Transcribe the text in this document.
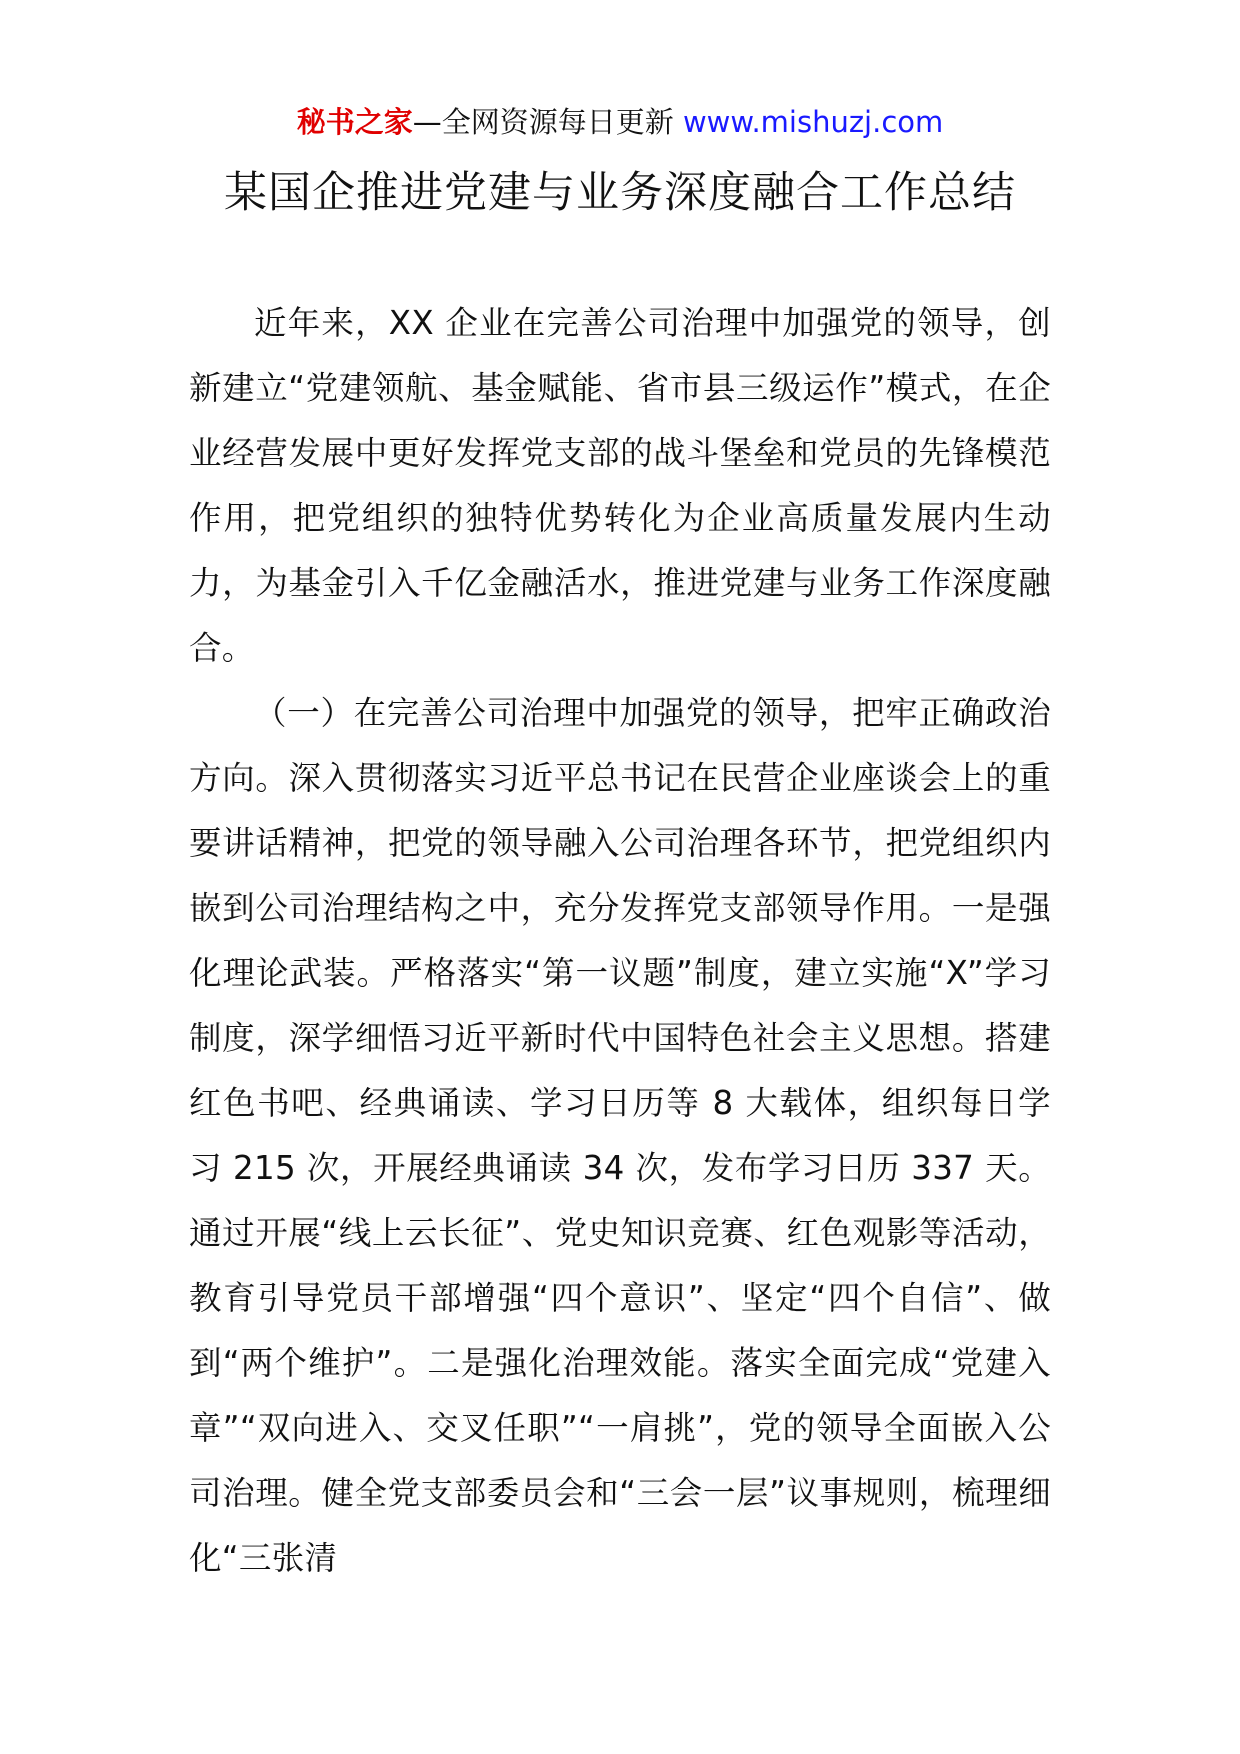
秘书之家—全网资源每日更新 www.mishuzj.com
某国企推进党建与业务深度融合工作总结

近年来，XX 企业在完善公司治理中加强党的领导，创新建立“党建领航、基金赋能、省市县三级运作”模式，在企业经营发展中更好发挥党支部的战斗堡垒和党员的先锋模范作用，把党组织的独特优势转化为企业高质量发展内生动力，为基金引入千亿金融活水，推进党建与业务工作深度融合。

（一）在完善公司治理中加强党的领导，把牢正确政治方向。深入贯彻落实习近平总书记在民营企业座谈会上的重要讲话精神，把党的领导融入公司治理各环节，把党组织内嵌到公司治理结构之中，充分发挥党支部领导作用。一是强化理论武装。严格落实“第一议题”制度，建立实施“X”学习制度，深学细悟习近平新时代中国特色社会主义思想。搭建红色书吧、经典诵读、学习日历等 8 大载体，组织每日学习 215 次，开展经典诵读 34 次，发布学习日历 337 天。通过开展“线上云长征”、党史知识竞赛、红色观影等活动，教育引导党员干部增强“四个意识”、坚定“四个自信”、做到“两个维护”。二是强化治理效能。落实全面完成“党建入章”“双向进入、交叉任职”“一肩挑”，党的领导全面嵌入公司治理。健全党支部委员会和“三会一层”议事规则，梳理细化“三张清
